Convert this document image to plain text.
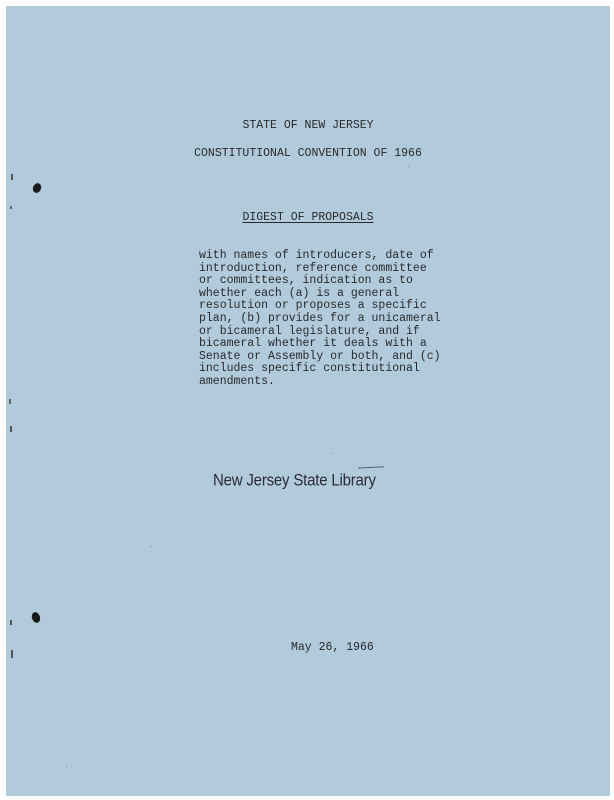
STATE OF NEW JERSEY
CONSTITUTIONAL CONVENTION OF 1966
DIGEST OF PROPOSALS
with names of introducers, date of
introduction, reference committee
or committees, indication as to
whether each (a) is a general
resolution or proposes a specific
plan, (b) provides for a unicameral
or bicameral legislature, and if
bicameral whether it deals with a
Senate or Assembly or both, and (c)
includes specific constitutional
amendments.
New Jersey State Library
May 26, 1966
